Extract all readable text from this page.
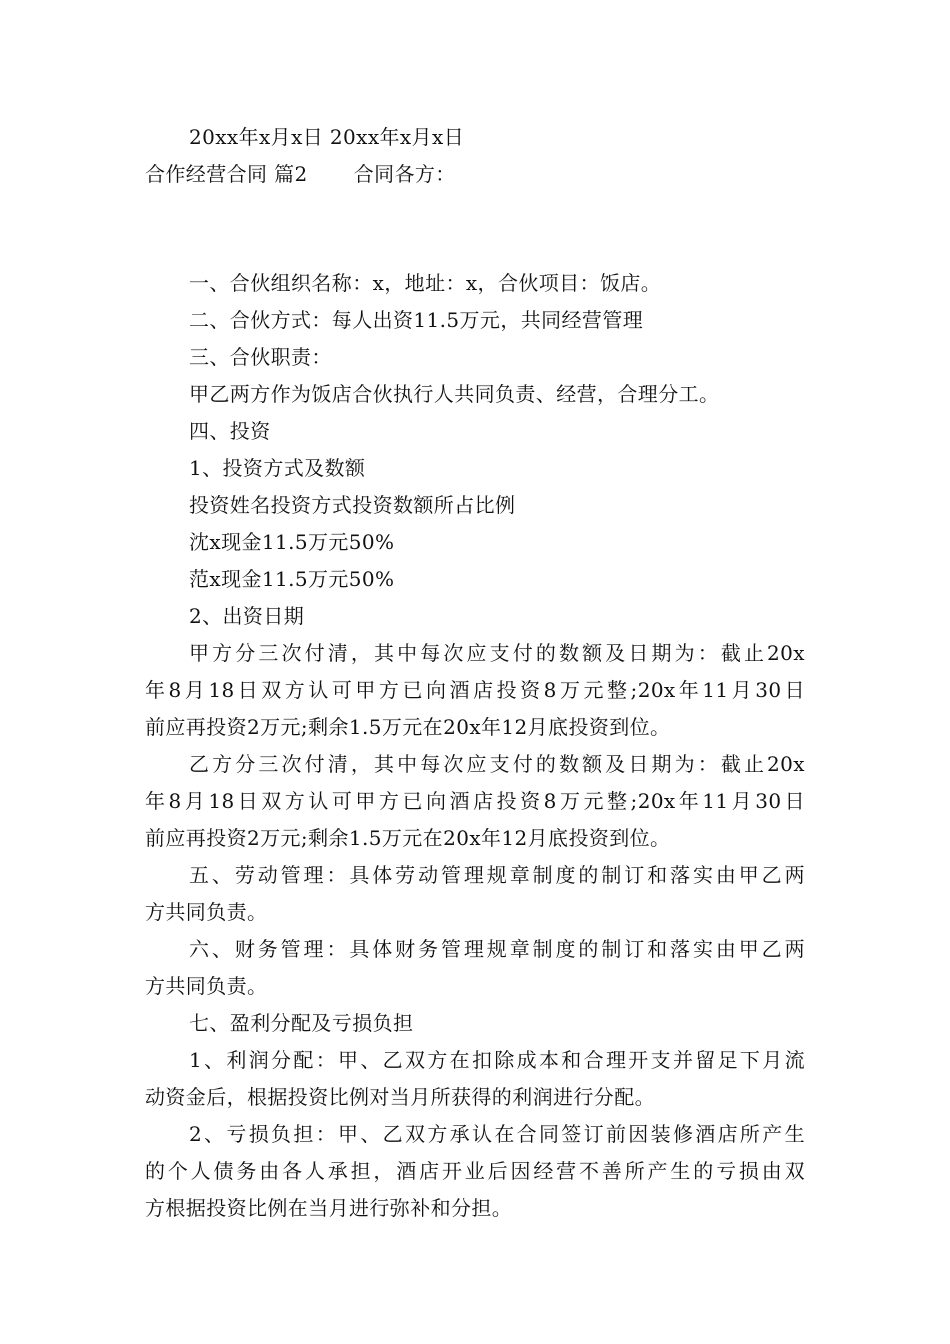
20xx年x月x日 20xx年x月x日
合作经营合同 篇2 合同各方：
一、合伙组织名称：x，地址：x，合伙项目：饭店。
二、合伙方式：每人出资11.5万元，共同经营管理
三、合伙职责：
甲乙两方作为饭店合伙执行人共同负责、经营，合理分工。
四、投资
1、投资方式及数额
投资姓名投资方式投资数额所占比例
沈x现金11.5万元50%
范x现金11.5万元50%
2、出资日期
甲方分三次付清，其中每次应支付的数额及日期为：截止20x
年8月18日双方认可甲方已向酒店投资8万元整;20x年11月30日
前应再投资2万元;剩余1.5万元在20x年12月底投资到位。
乙方分三次付清，其中每次应支付的数额及日期为：截止20x
年8月18日双方认可甲方已向酒店投资8万元整;20x年11月30日
前应再投资2万元;剩余1.5万元在20x年12月底投资到位。
五、劳动管理：具体劳动管理规章制度的制订和落实由甲乙两
方共同负责。
六、财务管理：具体财务管理规章制度的制订和落实由甲乙两
方共同负责。
七、盈利分配及亏损负担
1、利润分配：甲、乙双方在扣除成本和合理开支并留足下月流
动资金后，根据投资比例对当月所获得的利润进行分配。
2、亏损负担：甲、乙双方承认在合同签订前因装修酒店所产生
的个人债务由各人承担，酒店开业后因经营不善所产生的亏损由双
方根据投资比例在当月进行弥补和分担。
